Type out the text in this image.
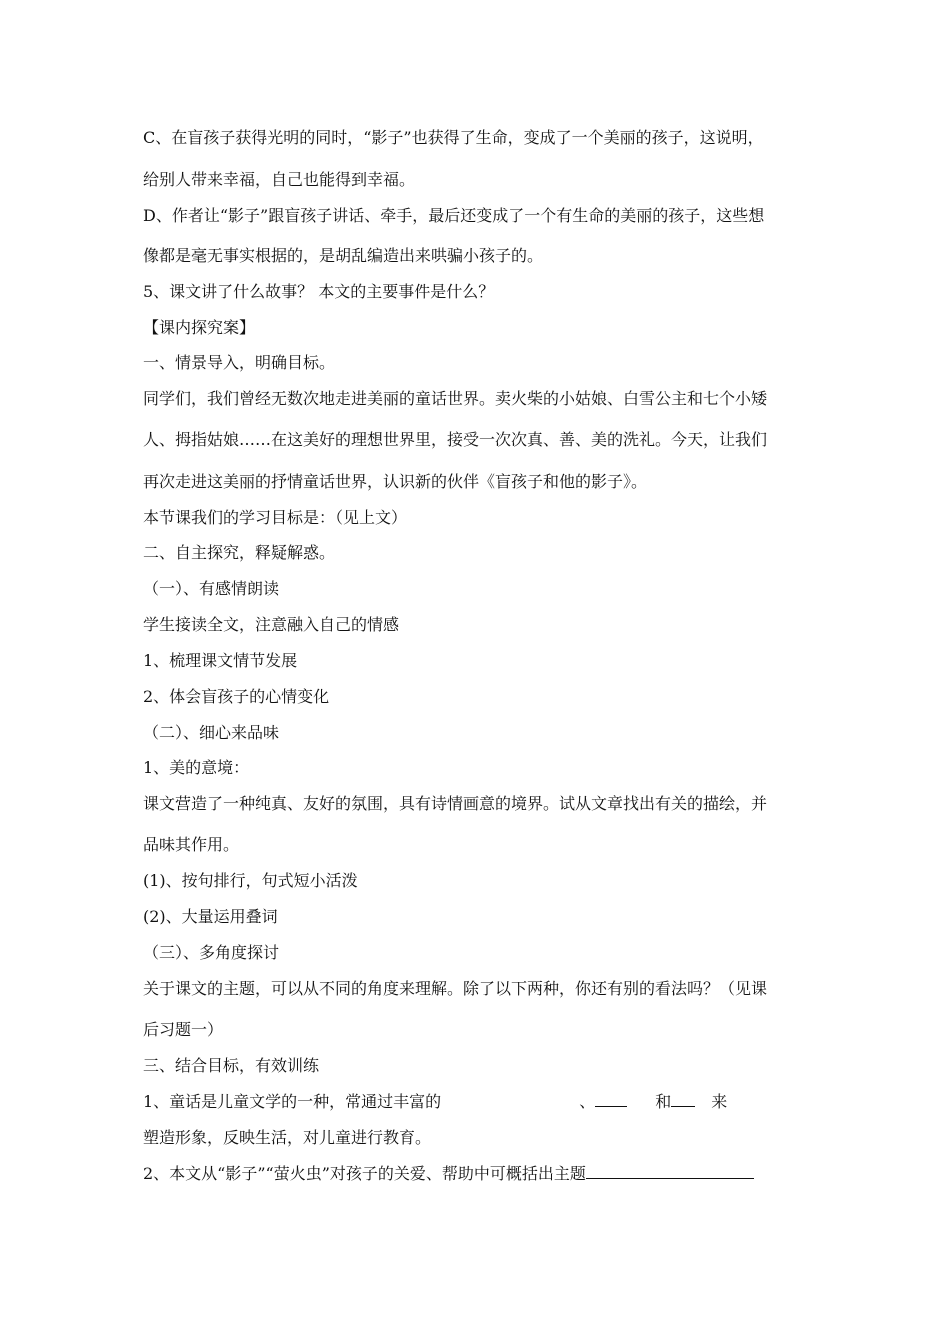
C、在盲孩子获得光明的同时，“影子”也获得了生命，变成了一个美丽的孩子，这说明，
给别人带来幸福，自己也能得到幸福。
D、作者让“影子”跟盲孩子讲话、牵手，最后还变成了一个有生命的美丽的孩子，这些想
像都是毫无事实根据的，是胡乱编造出来哄骗小孩子的。
5、课文讲了什么故事？ 本文的主要事件是什么？
【课内探究案】
一、情景导入，明确目标。
同学们，我们曾经无数次地走进美丽的童话世界。卖火柴的小姑娘、白雪公主和七个小矮
人、拇指姑娘……在这美好的理想世界里，接受一次次真、善、美的洗礼。今天，让我们
再次走进这美丽的抒情童话世界，认识新的伙伴《盲孩子和他的影子》。
本节课我们的学习目标是：（见上文）
二、自主探究，释疑解惑。
（一）、有感情朗读
学生接读全文，注意融入自己的情感
1、梳理课文情节发展
2、体会盲孩子的心情变化
（二）、细心来品味
1、美的意境：
课文营造了一种纯真、友好的氛围，具有诗情画意的境界。试从文章找出有关的描绘，并
品味其作用。
(1)、按句排行，句式短小活泼
(2)、大量运用叠词
（三）、多角度探讨
关于课文的主题，可以从不同的角度来理解。除了以下两种，你还有别的看法吗？（见课
后习题一）
三、结合目标，有效训练
1、童话是儿童文学的一种，常通过丰富的	、	和	来
塑造形象，反映生活，对儿童进行教育。
2、本文从“影子”“萤火虫”对孩子的关爱、帮助中可概括出主题
